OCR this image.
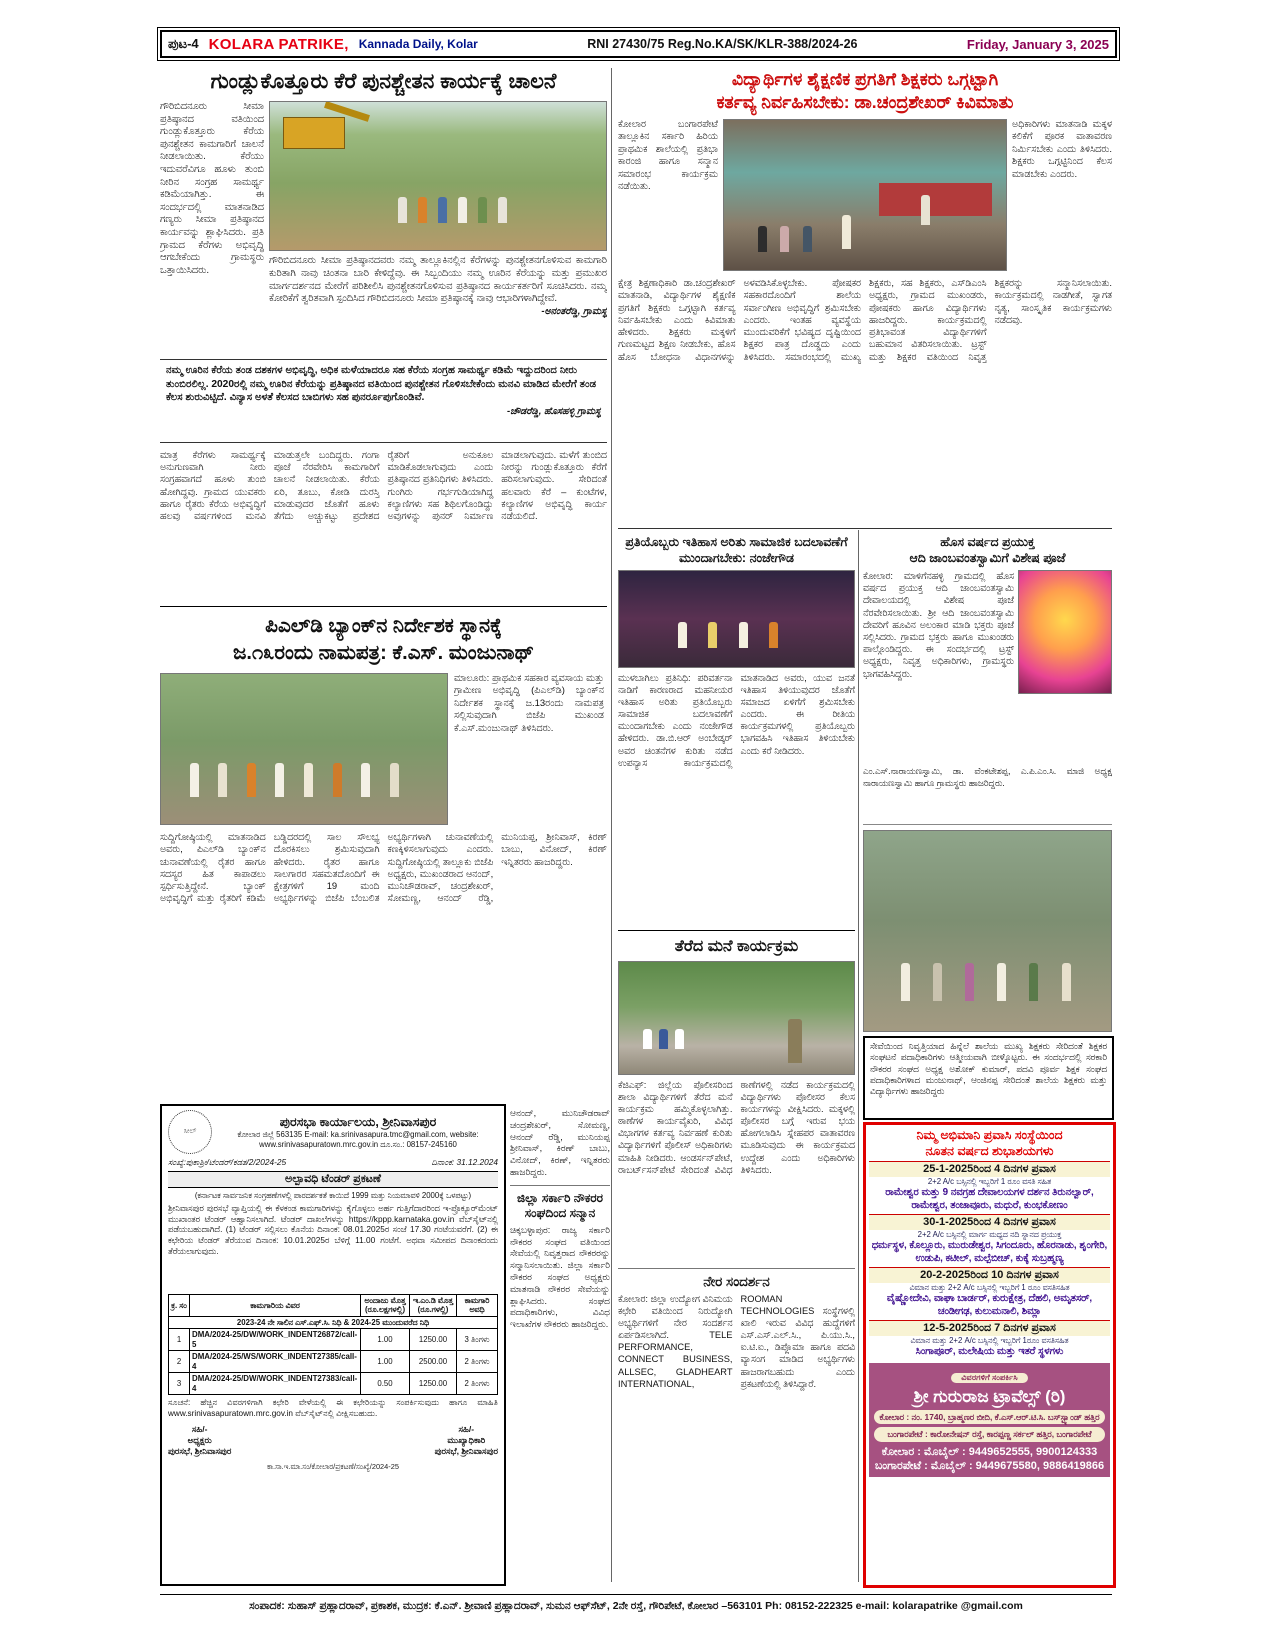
ಪುಟ-4 KOLARA PATRIKE, Kannada Daily, Kolar	RNI 27430/75 Reg.No.KA/SK/KLR-388/2024-26	Friday, January 3, 2025
ಗುಂಡ್ಲುಕೊತ್ತೂರು ಕೆರೆ ಪುನಶ್ಚೇತನ ಕಾರ್ಯಕ್ಕೆ ಚಾಲನೆ
ಗೌರಿಬಿದನೂರು ಸೀಮಾ ಪ್ರತಿಷ್ಠಾನದ ವತಿಯಿಂದ ಗುಂಡ್ಲುಕೊತ್ತೂರು ಕೆರೆಯ ಪುನಶ್ಚೇತನ ಕಾಮಗಾರಿಗೆ ಚಾಲನೆ ನೀಡಲಾಯಿತು. ಕೆರೆಯು ಇದುವರೆವಿಗೂ ಹೂಳು ತುಂಬಿ ನೀರಿನ ಸಂಗ್ರಹ ಸಾಮರ್ಥ್ಯ ಕಡಿಮೆಯಾಗಿತ್ತು. ಈ ಸಂದರ್ಭದಲ್ಲಿ ಮಾತನಾಡಿದ ಗಣ್ಯರು ಸೀಮಾ ಪ್ರತಿಷ್ಠಾನದ ಕಾರ್ಯವನ್ನು ಶ್ಲಾಘಿಸಿದರು. ಪ್ರತಿ ಗ್ರಾಮದ ಕೆರೆಗಳು ಅಭಿವೃದ್ಧಿ ಆಗಬೇಕೆಂದು ಗ್ರಾಮಸ್ಥರು ಒತ್ತಾಯಿಸಿದರು.
ಗೌರಿಬಿದನೂರು ಸೀಮಾ ಪ್ರತಿಷ್ಠಾನದವರು ನಮ್ಮ ತಾಲ್ಲೂಕಿನಲ್ಲಿನ ಕೆರೆಗಳನ್ನು ಪುನಶ್ಚೇತನಗೊಳಿಸುವ ಕಾಮಗಾರಿ ಕುರಿತಾಗಿ ನಾವು ಚಿಂತನಾ ಬಾರಿ ಕೇಳಿದ್ದೆವು. ಈ ಸಿಬ್ಬಂದಿಯು ನಮ್ಮ ಊರಿನ ಕೆರೆಯನ್ನು ಮತ್ತು ಪ್ರಮುಖರ ಮಾರ್ಗದರ್ಶನದ ಮೇರೆಗೆ ಪರಿಶೀಲಿಸಿ ಪುನಶ್ಚೇತನಗೊಳಿಸುವ ಪ್ರತಿಷ್ಠಾನದ ಕಾರ್ಯಕರ್ತರಿಗೆ ಸೂಚಿಸಿದರು. ನಮ್ಮ ಕೋರಿಕೆಗೆ ತ್ವರಿತವಾಗಿ ಸ್ಪಂದಿಸಿದ ಗೌರಿಬಿದನೂರು ಸೀಮಾ ಪ್ರತಿಷ್ಠಾನಕ್ಕೆ ನಾವು ಆಭಾರಿಗಳಾಗಿದ್ದೇವೆ.
-ಅನಂತರೆಡ್ಡಿ, ಗ್ರಾಮಸ್ಥ
ನಮ್ಮ ಊರಿನ ಕೆರೆಯ ತಂಡ ದಶಕಗಳ ಅಭಿವೃದ್ಧಿ, ಅಧಿಕ ಮಳೆಯಾದರೂ ಸಹ ಕೆರೆಯ ಸಂಗ್ರಹ ಸಾಮರ್ಥ್ಯ ಕಡಿಮೆ ಇದ್ದುದರಿಂದ ನೀರು ತುಂಬಿರಲಿಲ್ಲ. 2020ರಲ್ಲಿ ನಮ್ಮ ಊರಿನ ಕೆರೆಯನ್ನು ಪ್ರತಿಷ್ಠಾನದ ವತಿಯಿಂದ ಪುನಶ್ಚೇತನ ಗೊಳಿಸಬೇಕೆಂದು ಮನವಿ ಮಾಡಿದ ಮೇರೆಗೆ ತಂಡ ಕೆಲಸ ಶುರುವಿಟ್ಟಿದೆ. ವಿನ್ಯಾಸ ಅಳತೆ ಕೆಲಸದ ಬಾಬಿಗಳು ಸಹ ಪುನರ್ರೂಪುಗೊಂಡಿವೆ.
-ಚೌಡರೆಡ್ಡಿ, ಹೊಸಹಳ್ಳಿ ಗ್ರಾಮಸ್ಥ
ಮಾತ್ರ ಕೆರೆಗಳು ಸಾಮರ್ಥ್ಯಕ್ಕೆ ಅನುಗುಣವಾಗಿ ನೀರು ಸಂಗ್ರಹವಾಗದೆ ಹೂಳು ತುಂಬಿ ಹೋಗಿದ್ದವು. ಗ್ರಾಮದ ಯುವಕರು ಹಾಗೂ ರೈತರು ಕೆರೆಯ ಅಭಿವೃದ್ಧಿಗೆ ಹಲವು ವರ್ಷಗಳಿಂದ ಮನವಿ ಮಾಡುತ್ತಲೇ ಬಂದಿದ್ದರು. ಗಂಗಾ ಪೂಜೆ ನೆರವೇರಿಸಿ ಕಾಮಗಾರಿಗೆ ಚಾಲನೆ ನೀಡಲಾಯಿತು. ಕೆರೆಯ ಏರಿ, ತೂಬು, ಕೋಡಿ ದುರಸ್ತಿ ಮಾಡುವುದರ ಜೊತೆಗೆ ಹೂಳು ತೆಗೆದು ಅಚ್ಚುಕಟ್ಟು ಪ್ರದೇಶದ ರೈತರಿಗೆ ಅನುಕೂಲ ಮಾಡಿಕೊಡಲಾಗುವುದು ಎಂದು ಪ್ರತಿಷ್ಠಾನದ ಪ್ರತಿನಿಧಿಗಳು ತಿಳಿಸಿದರು. ಗುಂಗಿರು ಗರ್ಭಗುಡಿಯಾಗಿದ್ದ ಕಲ್ಯಾಣಿಗಳು ಸಹ ಶಿಥಿಲಗೊಂಡಿದ್ದು ಅವುಗಳನ್ನು ಪುನರ್ ನಿರ್ಮಾಣ ಮಾಡಲಾಗುವುದು. ಮಳೆಗೆ ತುಂಬಿದ ನೀರನ್ನು ಗುಂಡ್ಲುಕೊತ್ತೂರು ಕೆರೆಗೆ ಹರಿಸಲಾಗುವುದು. ಸೇರಿದಂತೆ ಹಲವಾರು ಕೆರೆ – ಕುಂಟೆಗಳ, ಕಲ್ಯಾಣಿಗಳ ಅಭಿವೃದ್ಧಿ ಕಾರ್ಯ ನಡೆಯಲಿದೆ.
ವಿದ್ಯಾರ್ಥಿಗಳ ಶೈಕ್ಷಣಿಕ ಪ್ರಗತಿಗೆ ಶಿಕ್ಷಕರು ಒಗ್ಗಟ್ಟಾಗಿ
ಕರ್ತವ್ಯ ನಿರ್ವಹಿಸಬೇಕು: ಡಾ.ಚಂದ್ರಶೇಖರ್ ಕಿವಿಮಾತು
ಕೋಲಾರ ಬಂಗಾರಪೇಟೆ ತಾಲ್ಲೂಕಿನ ಸರ್ಕಾರಿ ಹಿರಿಯ ಪ್ರಾಥಮಿಕ ಶಾಲೆಯಲ್ಲಿ ಪ್ರತಿಭಾ ಕಾರಂಜಿ ಹಾಗೂ ಸನ್ಮಾನ ಸಮಾರಂಭ ಕಾರ್ಯಕ್ರಮ ನಡೆಯಿತು.
ಅಧಿಕಾರಿಗಳು ಮಾತನಾಡಿ ಮಕ್ಕಳ ಕಲಿಕೆಗೆ ಪೂರಕ ವಾತಾವರಣ ನಿರ್ಮಿಸಬೇಕು ಎಂದು ತಿಳಿಸಿದರು. ಶಿಕ್ಷಕರು ಒಗ್ಗಟ್ಟಿನಿಂದ ಕೆಲಸ ಮಾಡಬೇಕು ಎಂದರು.
ಕ್ಷೇತ್ರ ಶಿಕ್ಷಣಾಧಿಕಾರಿ ಡಾ.ಚಂದ್ರಶೇಖರ್ ಮಾತನಾಡಿ, ವಿದ್ಯಾರ್ಥಿಗಳ ಶೈಕ್ಷಣಿಕ ಪ್ರಗತಿಗೆ ಶಿಕ್ಷಕರು ಒಗ್ಗಟ್ಟಾಗಿ ಕರ್ತವ್ಯ ನಿರ್ವಹಿಸಬೇಕು ಎಂದು ಕಿವಿಮಾತು ಹೇಳಿದರು. ಶಿಕ್ಷಕರು ಮಕ್ಕಳಿಗೆ ಗುಣಮಟ್ಟದ ಶಿಕ್ಷಣ ನೀಡಬೇಕು, ಹೊಸ ಹೊಸ ಬೋಧನಾ ವಿಧಾನಗಳನ್ನು ಅಳವಡಿಸಿಕೊಳ್ಳಬೇಕು. ಪೋಷಕರ ಸಹಕಾರದೊಂದಿಗೆ ಶಾಲೆಯ ಸರ್ವಾಂಗೀಣ ಅಭಿವೃದ್ಧಿಗೆ ಶ್ರಮಿಸಬೇಕು ಎಂದರು. ಇಂತಹ ವ್ಯವಸ್ಥೆಯ ಮುಂದುವರಿಕೆಗೆ ಭವಿಷ್ಯದ ದೃಷ್ಟಿಯಿಂದ ಶಿಕ್ಷಕರ ಪಾತ್ರ ದೊಡ್ಡದು ಎಂದು ತಿಳಿಸಿದರು. ಸಮಾರಂಭದಲ್ಲಿ ಮುಖ್ಯ ಶಿಕ್ಷಕರು, ಸಹ ಶಿಕ್ಷಕರು, ಎಸ್‌ಡಿಎಂಸಿ ಅಧ್ಯಕ್ಷರು, ಗ್ರಾಮದ ಮುಖಂಡರು, ಪೋಷಕರು ಹಾಗೂ ವಿದ್ಯಾರ್ಥಿಗಳು ಹಾಜರಿದ್ದರು. ಕಾರ್ಯಕ್ರಮದಲ್ಲಿ ಪ್ರತಿಭಾವಂತ ವಿದ್ಯಾರ್ಥಿಗಳಿಗೆ ಬಹುಮಾನ ವಿತರಿಸಲಾಯಿತು. ಟ್ರಸ್ಟ್ ಮತ್ತು ಶಿಕ್ಷಕರ ವತಿಯಿಂದ ನಿವೃತ್ತ ಶಿಕ್ಷಕರನ್ನು ಸನ್ಮಾನಿಸಲಾಯಿತು. ಕಾರ್ಯಕ್ರಮದಲ್ಲಿ ನಾಡಗೀತೆ, ಸ್ವಾಗತ ನೃತ್ಯ, ಸಾಂಸ್ಕೃತಿಕ ಕಾರ್ಯಕ್ರಮಗಳು ನಡೆದವು.
ಪಿಎಲ್‌ಡಿ ಬ್ಯಾಂಕ್‌ನ ನಿರ್ದೇಶಕ ಸ್ಥಾನಕ್ಕೆ
ಜ.೧೩ರಂದು ನಾಮಪತ್ರ: ಕೆ.ಎಸ್. ಮಂಜುನಾಥ್
ಮಾಲೂರು: ಪ್ರಾಥಮಿಕ ಸಹಕಾರ ವ್ಯವಸಾಯ ಮತ್ತು ಗ್ರಾಮೀಣ ಅಭಿವೃದ್ಧಿ (ಪಿಎಲ್‌ಡಿ) ಬ್ಯಾಂಕ್‌ನ ನಿರ್ದೇಶಕ ಸ್ಥಾನಕ್ಕೆ ಜ.13ರಂದು ನಾಮಪತ್ರ ಸಲ್ಲಿಸುವುದಾಗಿ ಬಿಜೆಪಿ ಮುಖಂಡ ಕೆ.ಎಸ್.ಮಂಜುನಾಥ್ ತಿಳಿಸಿದರು.
ಸುದ್ದಿಗೋಷ್ಠಿಯಲ್ಲಿ ಮಾತನಾಡಿದ ಅವರು, ಪಿಎಲ್‌ಡಿ ಬ್ಯಾಂಕ್‌ನ ಚುನಾವಣೆಯಲ್ಲಿ ರೈತರ ಹಾಗೂ ಸದಸ್ಯರ ಹಿತ ಕಾಪಾಡಲು ಸ್ಪರ್ಧಿಸುತ್ತಿದ್ದೇನೆ. ಬ್ಯಾಂಕ್ ಅಭಿವೃದ್ಧಿಗೆ ಮತ್ತು ರೈತರಿಗೆ ಕಡಿಮೆ ಬಡ್ಡಿದರದಲ್ಲಿ ಸಾಲ ಸೌಲಭ್ಯ ದೊರಕಿಸಲು ಶ್ರಮಿಸುವುದಾಗಿ ಹೇಳಿದರು. ರೈತರ ಹಾಗೂ ಸಾಲಗಾರರ ಸಹಮತದೊಂದಿಗೆ ಈ ಕ್ಷೇತ್ರಗಳಿಗೆ 19 ಮಂದಿ ಅಭ್ಯರ್ಥಿಗಳನ್ನು ಬಿಜೆಪಿ ಬೆಂಬಲಿತ ಅಭ್ಯರ್ಥಿಗಳಾಗಿ ಚುನಾವಣೆಯಲ್ಲಿ ಕಣಕ್ಕಿಳಿಸಲಾಗುವುದು ಎಂದರು. ಸುದ್ದಿಗೋಷ್ಠಿಯಲ್ಲಿ ತಾಲ್ಲೂಕು ಬಿಜೆಪಿ ಅಧ್ಯಕ್ಷರು, ಮುಖಂಡರಾದ ಆನಂದ್, ಮುನಿಚೌಡರಾವ್, ಚಂದ್ರಶೇಖರ್, ಸೋಮಣ್ಣ, ಆನಂದ್ ರೆಡ್ಡಿ, ಮುನಿಯಪ್ಪ, ಶ್ರೀನಿವಾಸ್, ಕಿರಣ್ ಬಾಬು, ವಿನೋದ್, ಕಿರಣ್ ಇನ್ನಿತರರು ಹಾಜರಿದ್ದರು.
ಪ್ರತಿಯೊಬ್ಬರು ಇತಿಹಾಸ ಅರಿತು ಸಾಮಾಜಿಕ ಬದಲಾವಣೆಗೆ ಮುಂದಾಗಬೇಕು: ನಂಜೇಗೌಡ
ಮುಳಬಾಗಿಲು ಪ್ರತಿನಿಧಿ: ಪರಿವರ್ತನಾ ನಾಡಿಗೆ ಕಾರಣರಾದ ಮಹನೀಯರ ಇತಿಹಾಸ ಅರಿತು ಪ್ರತಿಯೊಬ್ಬರು ಸಾಮಾಜಿಕ ಬದಲಾವಣೆಗೆ ಮುಂದಾಗಬೇಕು ಎಂದು ನಂಜೇಗೌಡ ಹೇಳಿದರು. ಡಾ.ಬಿ.ಆರ್ ಅಂಬೇಡ್ಕರ್ ಅವರ ಚಿಂತನೆಗಳ ಕುರಿತು ನಡೆದ ಉಪನ್ಯಾಸ ಕಾರ್ಯಕ್ರಮದಲ್ಲಿ ಮಾತನಾಡಿದ ಅವರು, ಯುವ ಜನತೆ ಇತಿಹಾಸ ತಿಳಿಯುವುದರ ಜೊತೆಗೆ ಸಮಾಜದ ಏಳಿಗೆಗೆ ಶ್ರಮಿಸಬೇಕು ಎಂದರು. ಈ ರೀತಿಯ ಕಾರ್ಯಕ್ರಮಗಳಲ್ಲಿ ಪ್ರತಿಯೊಬ್ಬರು ಭಾಗವಹಿಸಿ ಇತಿಹಾಸ ತಿಳಿಯಬೇಕು ಎಂದು ಕರೆ ನೀಡಿದರು.
ಹೊಸ ವರ್ಷದ ಪ್ರಯುಕ್ತ
ಆದಿ ಜಾಂಬವಂತಸ್ವಾಮಿಗೆ ವಿಶೇಷ ಪೂಜೆ
ಕೋಲಾರ: ಮಾಳಿಗೆನಹಳ್ಳಿ ಗ್ರಾಮದಲ್ಲಿ ಹೊಸ ವರ್ಷದ ಪ್ರಯುಕ್ತ ಆದಿ ಜಾಂಬವಂತಸ್ವಾಮಿ ದೇವಾಲಯದಲ್ಲಿ ವಿಶೇಷ ಪೂಜೆ ನೆರವೇರಿಸಲಾಯಿತು. ಶ್ರೀ ಆದಿ ಜಾಂಬವಂತಸ್ವಾಮಿ ದೇವರಿಗೆ ಹೂವಿನ ಅಲಂಕಾರ ಮಾಡಿ ಭಕ್ತರು ಪೂಜೆ ಸಲ್ಲಿಸಿದರು. ಗ್ರಾಮದ ಭಕ್ತರು ಹಾಗೂ ಮುಖಂಡರು ಪಾಲ್ಗೊಂಡಿದ್ದರು. ಈ ಸಂದರ್ಭದಲ್ಲಿ ಟ್ರಸ್ಟ್ ಅಧ್ಯಕ್ಷರು, ನಿವೃತ್ತ ಅಧಿಕಾರಿಗಳು, ಗ್ರಾಮಸ್ಥರು ಭಾಗವಹಿಸಿದ್ದರು.
ಎಂ.ಎಸ್.ನಾರಾಯಣಸ್ವಾಮಿ, ಡಾ. ವೆಂಕಟೇಶಪ್ಪ, ಎ.ಪಿ.ಎಂ.ಸಿ. ಮಾಜಿ ಅಧ್ಯಕ್ಷ ನಾರಾಯಣಸ್ವಾಮಿ ಹಾಗೂ ಗ್ರಾಮಸ್ಥರು ಹಾಜರಿದ್ದರು.
ತೆರೆದ ಮನೆ ಕಾರ್ಯಕ್ರಮ
ಕೆಜಿಎಫ್: ಜಿಲ್ಲೆಯ ಪೊಲೀಸರಿಂದ ಶಾಲಾ ವಿದ್ಯಾರ್ಥಿಗಳಿಗೆ ತೆರೆದ ಮನೆ ಕಾರ್ಯಕ್ರಮ ಹಮ್ಮಿಕೊಳ್ಳಲಾಗಿತ್ತು. ಠಾಣೆಗಳ ಕಾರ್ಯವೈಖರಿ, ವಿವಿಧ ವಿಭಾಗಗಳ ಕರ್ತವ್ಯ ನಿರ್ವಹಣೆ ಕುರಿತು ವಿದ್ಯಾರ್ಥಿಗಳಿಗೆ ಪೊಲೀಸ್ ಅಧಿಕಾರಿಗಳು ಮಾಹಿತಿ ನೀಡಿದರು. ಆಂಡರ್ಸನ್‌ಪೇಟೆ, ರಾಬರ್ಟ್‌ಸನ್‌ಪೇಟೆ ಸೇರಿದಂತೆ ವಿವಿಧ ಠಾಣೆಗಳಲ್ಲಿ ನಡೆದ ಕಾರ್ಯಕ್ರಮದಲ್ಲಿ ವಿದ್ಯಾರ್ಥಿಗಳು ಪೊಲೀಸರ ಕೆಲಸ ಕಾರ್ಯಗಳನ್ನು ವೀಕ್ಷಿಸಿದರು. ಮಕ್ಕಳಲ್ಲಿ ಪೊಲೀಸರ ಬಗ್ಗೆ ಇರುವ ಭಯ ಹೋಗಲಾಡಿಸಿ ಸ್ನೇಹಪರ ವಾತಾವರಣ ಮೂಡಿಸುವುದು ಈ ಕಾರ್ಯಕ್ರಮದ ಉದ್ದೇಶ ಎಂದು ಅಧಿಕಾರಿಗಳು ತಿಳಿಸಿದರು.
ನೇರ ಸಂದರ್ಶನ
ಕೋಲಾರ: ಜಿಲ್ಲಾ ಉದ್ಯೋಗ ವಿನಿಮಯ ಕಛೇರಿ ವತಿಯಿಂದ ನಿರುದ್ಯೋಗಿ ಅಭ್ಯರ್ಥಿಗಳಿಗೆ ನೇರ ಸಂದರ್ಶನ ಏರ್ಪಡಿಸಲಾಗಿದೆ. TELE PERFORMANCE, CONNECT BUSINESS, ALLSEC, GLADHEART INTERNATIONAL, ROOMAN TECHNOLOGIES ಸಂಸ್ಥೆಗಳಲ್ಲಿ ಖಾಲಿ ಇರುವ ವಿವಿಧ ಹುದ್ದೆಗಳಿಗೆ ಎಸ್.ಎಸ್.ಎಲ್.ಸಿ., ಪಿ.ಯು.ಸಿ., ಐ.ಟಿ.ಐ., ಡಿಪ್ಲೊಮಾ ಹಾಗೂ ಪದವಿ ವ್ಯಾಸಂಗ ಮಾಡಿದ ಅಭ್ಯರ್ಥಿಗಳು ಹಾಜರಾಗಬಹುದು ಎಂದು ಪ್ರಕಟಣೆಯಲ್ಲಿ ತಿಳಿಸಿದ್ದಾರೆ.
ಆನಂದ್, ಮುನಿಚೌಡರಾವ್ ಚಂದ್ರಶೇಖರ್, ಸೋಮಣ್ಣ, ಆನಂದ್ ರೆಡ್ಡಿ, ಮುನಿಯಪ್ಪ ಶ್ರೀನಿವಾಸ್, ಕಿರಣ್ ಬಾಬು, ವಿನೋದ್, ಕಿರಣ್, ಇನ್ನಿತರರು ಹಾಜರಿದ್ದರು.
ಜಿಲ್ಲಾ ಸರ್ಕಾರಿ ನೌಕರರ ಸಂಘದಿಂದ ಸನ್ಮಾನ
ಚಿಕ್ಕಬಳ್ಳಾಪುರ: ರಾಜ್ಯ ಸರ್ಕಾರಿ ನೌಕರರ ಸಂಘದ ವತಿಯಿಂದ ಸೇವೆಯಲ್ಲಿ ನಿವೃತ್ತರಾದ ನೌಕರರನ್ನು ಸನ್ಮಾನಿಸಲಾಯಿತು. ಜಿಲ್ಲಾ ಸರ್ಕಾರಿ ನೌಕರರ ಸಂಘದ ಅಧ್ಯಕ್ಷರು ಮಾತನಾಡಿ ನೌಕರರ ಸೇವೆಯನ್ನು ಶ್ಲಾಘಿಸಿದರು. ಸಂಘದ ಪದಾಧಿಕಾರಿಗಳು, ವಿವಿಧ ಇಲಾಖೆಗಳ ನೌಕರರು ಹಾಜರಿದ್ದರು.
ಸೇವೆಯಿಂದ ನಿವೃತ್ತಿಯಾದ ಹಿನ್ನೆಲೆ ಶಾಲೆಯ ಮುಖ್ಯ ಶಿಕ್ಷಕರು ಸೇರಿದಂತೆ ಶಿಕ್ಷಕರ ಸಂಘಟನೆ ಪದಾಧಿಕಾರಿಗಳು ಆತ್ಮೀಯವಾಗಿ ಬೀಳ್ಕೊಟ್ಟರು. ಈ ಸಂದರ್ಭದಲ್ಲಿ ಸರಕಾರಿ ನೌಕರರ ಸಂಘದ ಅಧ್ಯಕ್ಷ ಅಶೋಕ್ ಕುಮಾರ್, ಪದವಿ ಪೂರ್ವ ಶಿಕ್ಷಕ ಸಂಘದ ಪದಾಧಿಕಾರಿಗಳಾದ ಮಂಜುನಾಥ್, ಆಂಜಿನಪ್ಪ ಸೇರಿದಂತೆ ಶಾಲೆಯ ಶಿಕ್ಷಕರು ಮತ್ತು ವಿದ್ಯಾರ್ಥಿಗಳು ಹಾಜರಿದ್ದರು
ನಿಮ್ಮ ಅಭಿಮಾನಿ ಪ್ರವಾಸಿ ಸಂಸ್ಥೆಯಿಂದ
ನೂತನ ವರ್ಷದ ಶುಭಾಶಯಗಳು
25-1-2025ರಿಂದ 4 ದಿನಗಳ ಪ್ರವಾಸ
2+2 A/c ಬಸ್ಸಿನಲ್ಲಿ ಇಬ್ಬರಿಗೆ 1 ರೂಂ ವಸತಿ ಸಹಿತ
ರಾಮೇಶ್ವರ ಮತ್ತು 9 ನವಗ್ರಹ ದೇವಾಲಯಗಳ ದರ್ಶನ ತಿರುನಲ್ವಾರ್, ರಾಮೇಶ್ವರ, ತಂಜಾವೂರು, ಮಧುರೆ, ಕುಂಭಕೋಣಂ
30-1-2025ರಿಂದ 4 ದಿನಗಳ ಪ್ರವಾಸ
2+2 A/c ಬಸ್ಸಿನಲ್ಲಿ ಮಾರ್ಗ ಮಧ್ಯದ ನದಿ ಸ್ನಾನದ ಪ್ರಯುಕ್ತ
ಧರ್ಮಸ್ಥಳ, ಕೊಲ್ಲೂರು, ಮುರುಡೇಶ್ವರ, ಸಿಗಂದೂರು, ಹೊರನಾಡು, ಶೃಂಗೇರಿ, ಉಡುಪಿ, ಕಟೀಲ್, ಮಲ್ಪೆಬೀಚ್, ಕುಕ್ಕೆ ಸುಬ್ರಹ್ಮಣ್ಯ
20-2-2025ರಿಂದ 10 ದಿನಗಳ ಪ್ರವಾಸ
ವಿಮಾನ ಮತ್ತು 2+2 A/c ಬಸ್ಸಿನಲ್ಲಿ ಇಬ್ಬರಿಗೆ 1 ರೂಂ ವಸತಿಸಹಿತ
ವೈಷ್ಣೋದೇವಿ, ವಾಘಾ ಬಾರ್ಡರ್, ಕುರುಕ್ಷೇತ್ರ, ದೆಹಲಿ, ಅಮೃತಸರ್, ಚಂಡೀಗಢ, ಕುಲುಮನಾಲಿ, ಶಿಮ್ಲಾ
12-5-2025ರಿಂದ 7 ದಿನಗಳ ಪ್ರವಾಸ
ವಿಮಾನ ಮತ್ತು 2+2 A/c ಬಸ್ಸಿನಲ್ಲಿ ಇಬ್ಬರಿಗೆ 1ರೂಂ ವಸತಿಸಹಿತ
ಸಿಂಗಾಪೂರ್, ಮಲೇಷಿಯ ಮತ್ತು ಇತರೆ ಸ್ಥಳಗಳು
ವಿವರಗಳಿಗೆ ಸಂಪರ್ಕಿಸಿ
ಶ್ರೀ ಗುರುರಾಜ ಟ್ರಾವೆಲ್ಸ್ (ರಿ)
ಕೋಲಾರ : ನಂ. 1740, ಬ್ರಾಹ್ಮಣರ ಬೀದಿ, ಕೆ.ಎಸ್.ಆರ್.ಟಿ.ಸಿ. ಬಸ್‌ಸ್ಟ್ಯಾಂಡ್ ಹತ್ತಿರ
ಬಂಗಾರಪೇಟೆ : ಕಾರೋನೇಷನ್ ರಸ್ತೆ, ಕಾರಪ್ಪಣ್ಣ ಸರ್ಕಲ್ ಹತ್ತಿರ, ಬಂಗಾರಪೇಟೆ
ಕೋಲಾರ : ಮೊಬೈಲ್ : 9449652555, 9900124333
ಬಂಗಾರಪೇಟೆ : ಮೊಬೈಲ್ : 9449675580, 9886419866
ಸೀಲ್
ಪುರಸಭಾ ಕಾರ್ಯಾಲಯ, ಶ್ರೀನಿವಾಸಪುರ
ಕೋಲಾರ ಜಿಲ್ಲೆ 563135 E-mail: ka.srinivasapura.tmc@gmail.com, website:
www.srinivasapuratown.mrc.gov.in ದೂ.ಸಂ.: 08157-245160
ಸಂಖ್ಯೆ:ಪುಕಾಶ್ರೀ/ಟೆಂಡರ್/ಕಡತ/2/2024-25	ದಿನಾಂಕ: 31.12.2024
ಅಲ್ಪಾವಧಿ ಟೆಂಡರ್ ಪ್ರಕಟಣೆ
(ಕರ್ನಾಟಕ ಸಾರ್ವಜನಿಕ ಸಂಗ್ರಹಣೆಗಳಲ್ಲಿ ಪಾರದರ್ಶಕತೆ ಕಾಯಿದೆ 1999 ಮತ್ತು ನಿಯಮಾವಳಿ 2000ಕ್ಕೆ ಒಳಪಟ್ಟು)
ಶ್ರೀನಿವಾಸಪುರ ಪುರಸಭೆ ವ್ಯಾಪ್ತಿಯಲ್ಲಿ ಈ ಕೆಳಕಂಡ ಕಾಮಗಾರಿಗಳನ್ನು ಕೈಗೊಳ್ಳಲು ಅರ್ಹ ಗುತ್ತಿಗೆದಾರರಿಂದ ಇ-ಪ್ರೊಕ್ಯೂರ್‌ಮೆಂಟ್ ಮುಖಾಂತರ ಟೆಂಡರ್ ಆಹ್ವಾನಿಸಲಾಗಿದೆ. ಟೆಂಡರ್ ದಾಖಲೆಗಳನ್ನು https://kppp.karnataka.gov.in ವೆಬ್‌ಸೈಟ್‌ನಲ್ಲಿ ಪಡೆಯಬಹುದಾಗಿದೆ. (1) ಟೆಂಡರ್ ಸಲ್ಲಿಸಲು ಕೊನೆಯ ದಿನಾಂಕ: 08.01.2025ರ ಸಂಜೆ 17.30 ಗಂಟೆಯವರೆಗೆ. (2) ಈ ಕಛೇರಿಯ ಟೆಂಡರ್ ತೆರೆಯುವ ದಿನಾಂಕ: 10.01.2025ರ ಬೆಳಿಗ್ಗೆ 11.00 ಗಂಟೆಗೆ. ಅಥವಾ ಸಮೀಪದ ದಿನಾಂಕದಂದು ತೆರೆಯಲಾಗುವುದು.
ಕ್ರ. ಸಂ	ಕಾಮಗಾರಿಯ ವಿವರ	ಅಂದಾಜು ಮೊತ್ತ (ರೂ.ಲಕ್ಷಗಳಲ್ಲಿ)	ಇ.ಎಂ.ಡಿ ಮೊತ್ತ (ರೂ.ಗಳಲ್ಲಿ)	ಕಾಮಗಾರಿ ಅವಧಿ
2023-24 ನೇ ಸಾಲಿನ ಎಸ್.ಎಫ್.ಸಿ. ನಿಧಿ & 2024-25 ಮುಂದುವರೆದ ನಿಧಿ				
1	DMA/2024-25/DW/WORK_INDENT26872/call-5	1.00	1250.00	3 ತಿಂಗಳು
2	DMA/2024-25/WS/WORK_INDENT27385/call-4	1.00	2500.00	2 ತಿಂಗಳು
3	DMA/2024-25/DW/WORK_INDENT27383/call-4	0.50	1250.00	2 ತಿಂಗಳು
ಸೂಚನೆ: ಹೆಚ್ಚಿನ ವಿವರಗಳಿಗಾಗಿ ಕಛೇರಿ ವೇಳೆಯಲ್ಲಿ ಈ ಕಛೇರಿಯನ್ನು ಸಂಪರ್ಕಿಸುವುದು ಹಾಗೂ ಮಾಹಿತಿ www.srinivasapuratown.mrc.gov.in ವೆಬ್‌ಸೈಟ್‌ನಲ್ಲಿ ವೀಕ್ಷಿಸಬಹುದು.
ಸಹಿ/-
ಅಧ್ಯಕ್ಷರು
ಪುರಸಭೆ, ಶ್ರೀನಿವಾಸಪುರ
ಸಹಿ/-
ಮುಖ್ಯಾಧಿಕಾರಿ
ಪುರಸಭೆ, ಶ್ರೀನಿವಾಸಪುರ
ಕಾ.ಸಾ.ಇ.ಮಾ.ಸಂ/ಕೋಲಾರ/ಪ್ರಕಟಣೆ/ಸಂಖ್ಯೆ/2024-25
ಸಂಪಾದಕ: ಸುಹಾಸ್ ಪ್ರಹ್ಲಾದರಾವ್, ಪ್ರಕಾಶಕ, ಮುದ್ರಕ: ಕೆ.ಎನ್. ಶ್ರೀವಾಣಿ ಪ್ರಹ್ಲಾದರಾವ್, ಸುಮನ ಆಫ್‌ಸೆಟ್, 2ನೇ ರಸ್ತೆ, ಗೌರಿಪೇಟೆ, ಕೋಲಾರ –563101 Ph: 08152-222325 e-mail: kolarapatrike @gmail.com
